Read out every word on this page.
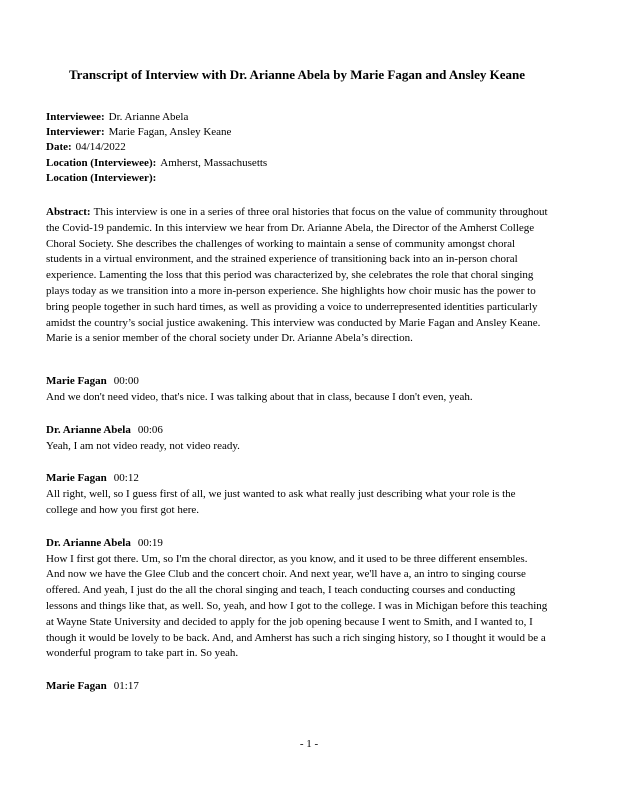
Transcript of Interview with Dr. Arianne Abela by Marie Fagan and Ansley Keane
Interviewee: Dr. Arianne Abela
Interviewer: Marie Fagan, Ansley Keane
Date: 04/14/2022
Location (Interviewee): Amherst, Massachusetts
Location (Interviewer):
Abstract: This interview is one in a series of three oral histories that focus on the value of community throughout the Covid-19 pandemic. In this interview we hear from Dr. Arianne Abela, the Director of the Amherst College Choral Society. She describes the challenges of working to maintain a sense of community amongst choral students in a virtual environment, and the strained experience of transitioning back into an in-person choral experience. Lamenting the loss that this period was characterized by, she celebrates the role that choral singing plays today as we transition into a more in-person experience. She highlights how choir music has the power to bring people together in such hard times, as well as providing a voice to underrepresented identities particularly amidst the country’s social justice awakening. This interview was conducted by Marie Fagan and Ansley Keane. Marie is a senior member of the choral society under Dr. Arianne Abela’s direction.

Marie Fagan 00:00

And we don't need video, that's nice. I was talking about that in class, because I don't even, yeah.

Dr. Arianne Abela 00:06

Yeah, I am not video ready, not video ready.

Marie Fagan 00:12

All right, well, so I guess first of all, we just wanted to ask what really just describing what your role is the college and how you first got here.

Dr. Arianne Abela 00:19

How I first got there. Um, so I'm the choral director, as you know, and it used to be three different ensembles. And now we have the Glee Club and the concert choir. And next year, we'll have a, an intro to singing course offered. And yeah, I just do the all the choral singing and teach, I teach conducting courses and conducting lessons and things like that, as well. So, yeah, and how I got to the college. I was in Michigan before this teaching at Wayne State University and decided to apply for the job opening because I went to Smith, and I wanted to, I though it would be lovely to be back. And, and Amherst has such a rich singing history, so I thought it would be a wonderful program to take part in. So yeah.

Marie Fagan 01:17

- 1 -
